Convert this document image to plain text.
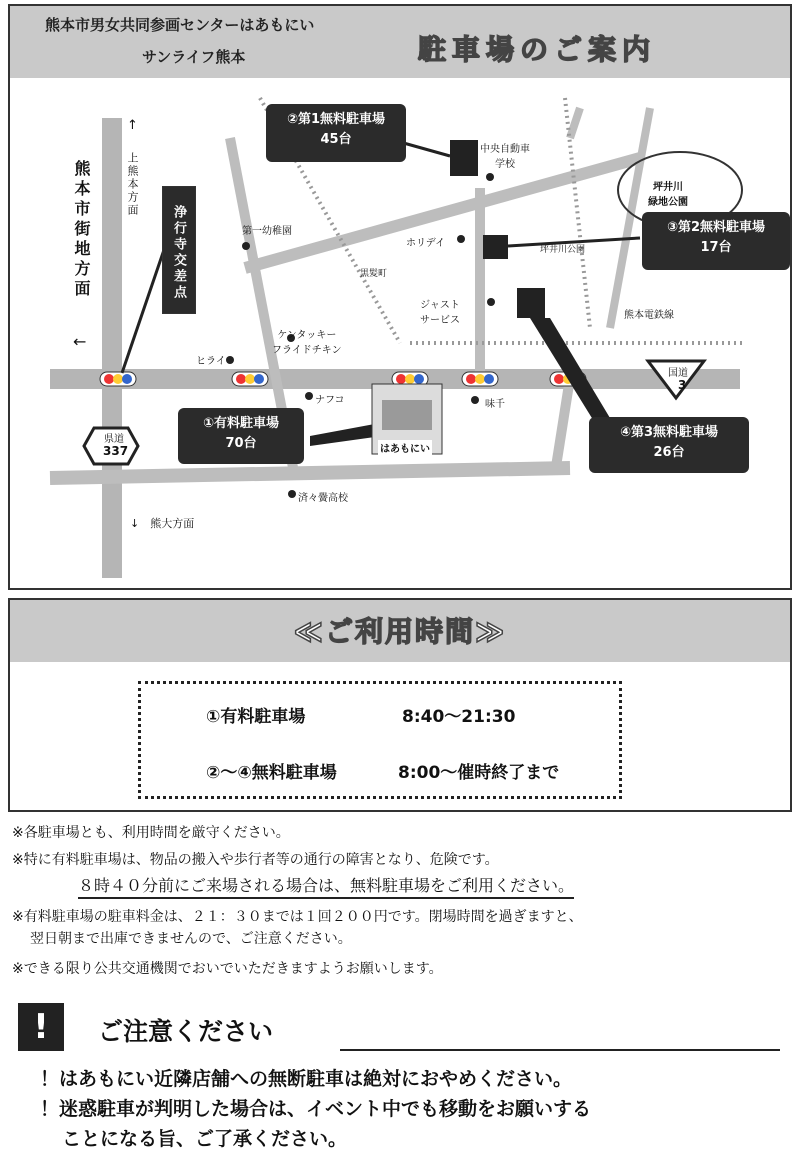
熊本市男女共同参画センターはあもにい
サンライフ熊本	駐車場のご案内
②第1無料駐車場
45台
③第2無料駐車場
17台
①有料駐車場
70台
④第3無料駐車場
26台
浄行寺交差点
熊本市街地方面
←
上熊本方面
↑
↓　熊大方面
県道
337
国道
3
中央自動車
学校
坪井川
緑地公園
第一幼稚園
ホリデイ
坪井川公園
黒髪町
ジャスト
サービス	熊本電鉄線
ケンタッキー
フライドチキン
ヒライ
ナフコ	味千
はあもにい
済々黌高校
≪ご利用時間≫
①有料駐車場	8:40～21:30
②～④無料駐車場	8:00～催時終了まで
※各駐車場とも、利用時間を厳守ください。
※特に有料駐車場は、物品の搬入や歩行者等の通行の障害となり、危険です。
８時４０分前にご来場される場合は、無料駐車場をご利用ください。
※有料駐車場の駐車料金は、２１：３０までは１回２００円です。閉場時間を過ぎますと、
翌日朝まで出庫できませんので、ご注意ください。
※できる限り公共交通機関でおいでいただきますようお願いします。
!	ご注意ください
！はあもにい近隣店舗への無断駐車は絶対におやめください。
！迷惑駐車が判明した場合は、イベント中でも移動をお願いする
ことになる旨、ご了承ください。
